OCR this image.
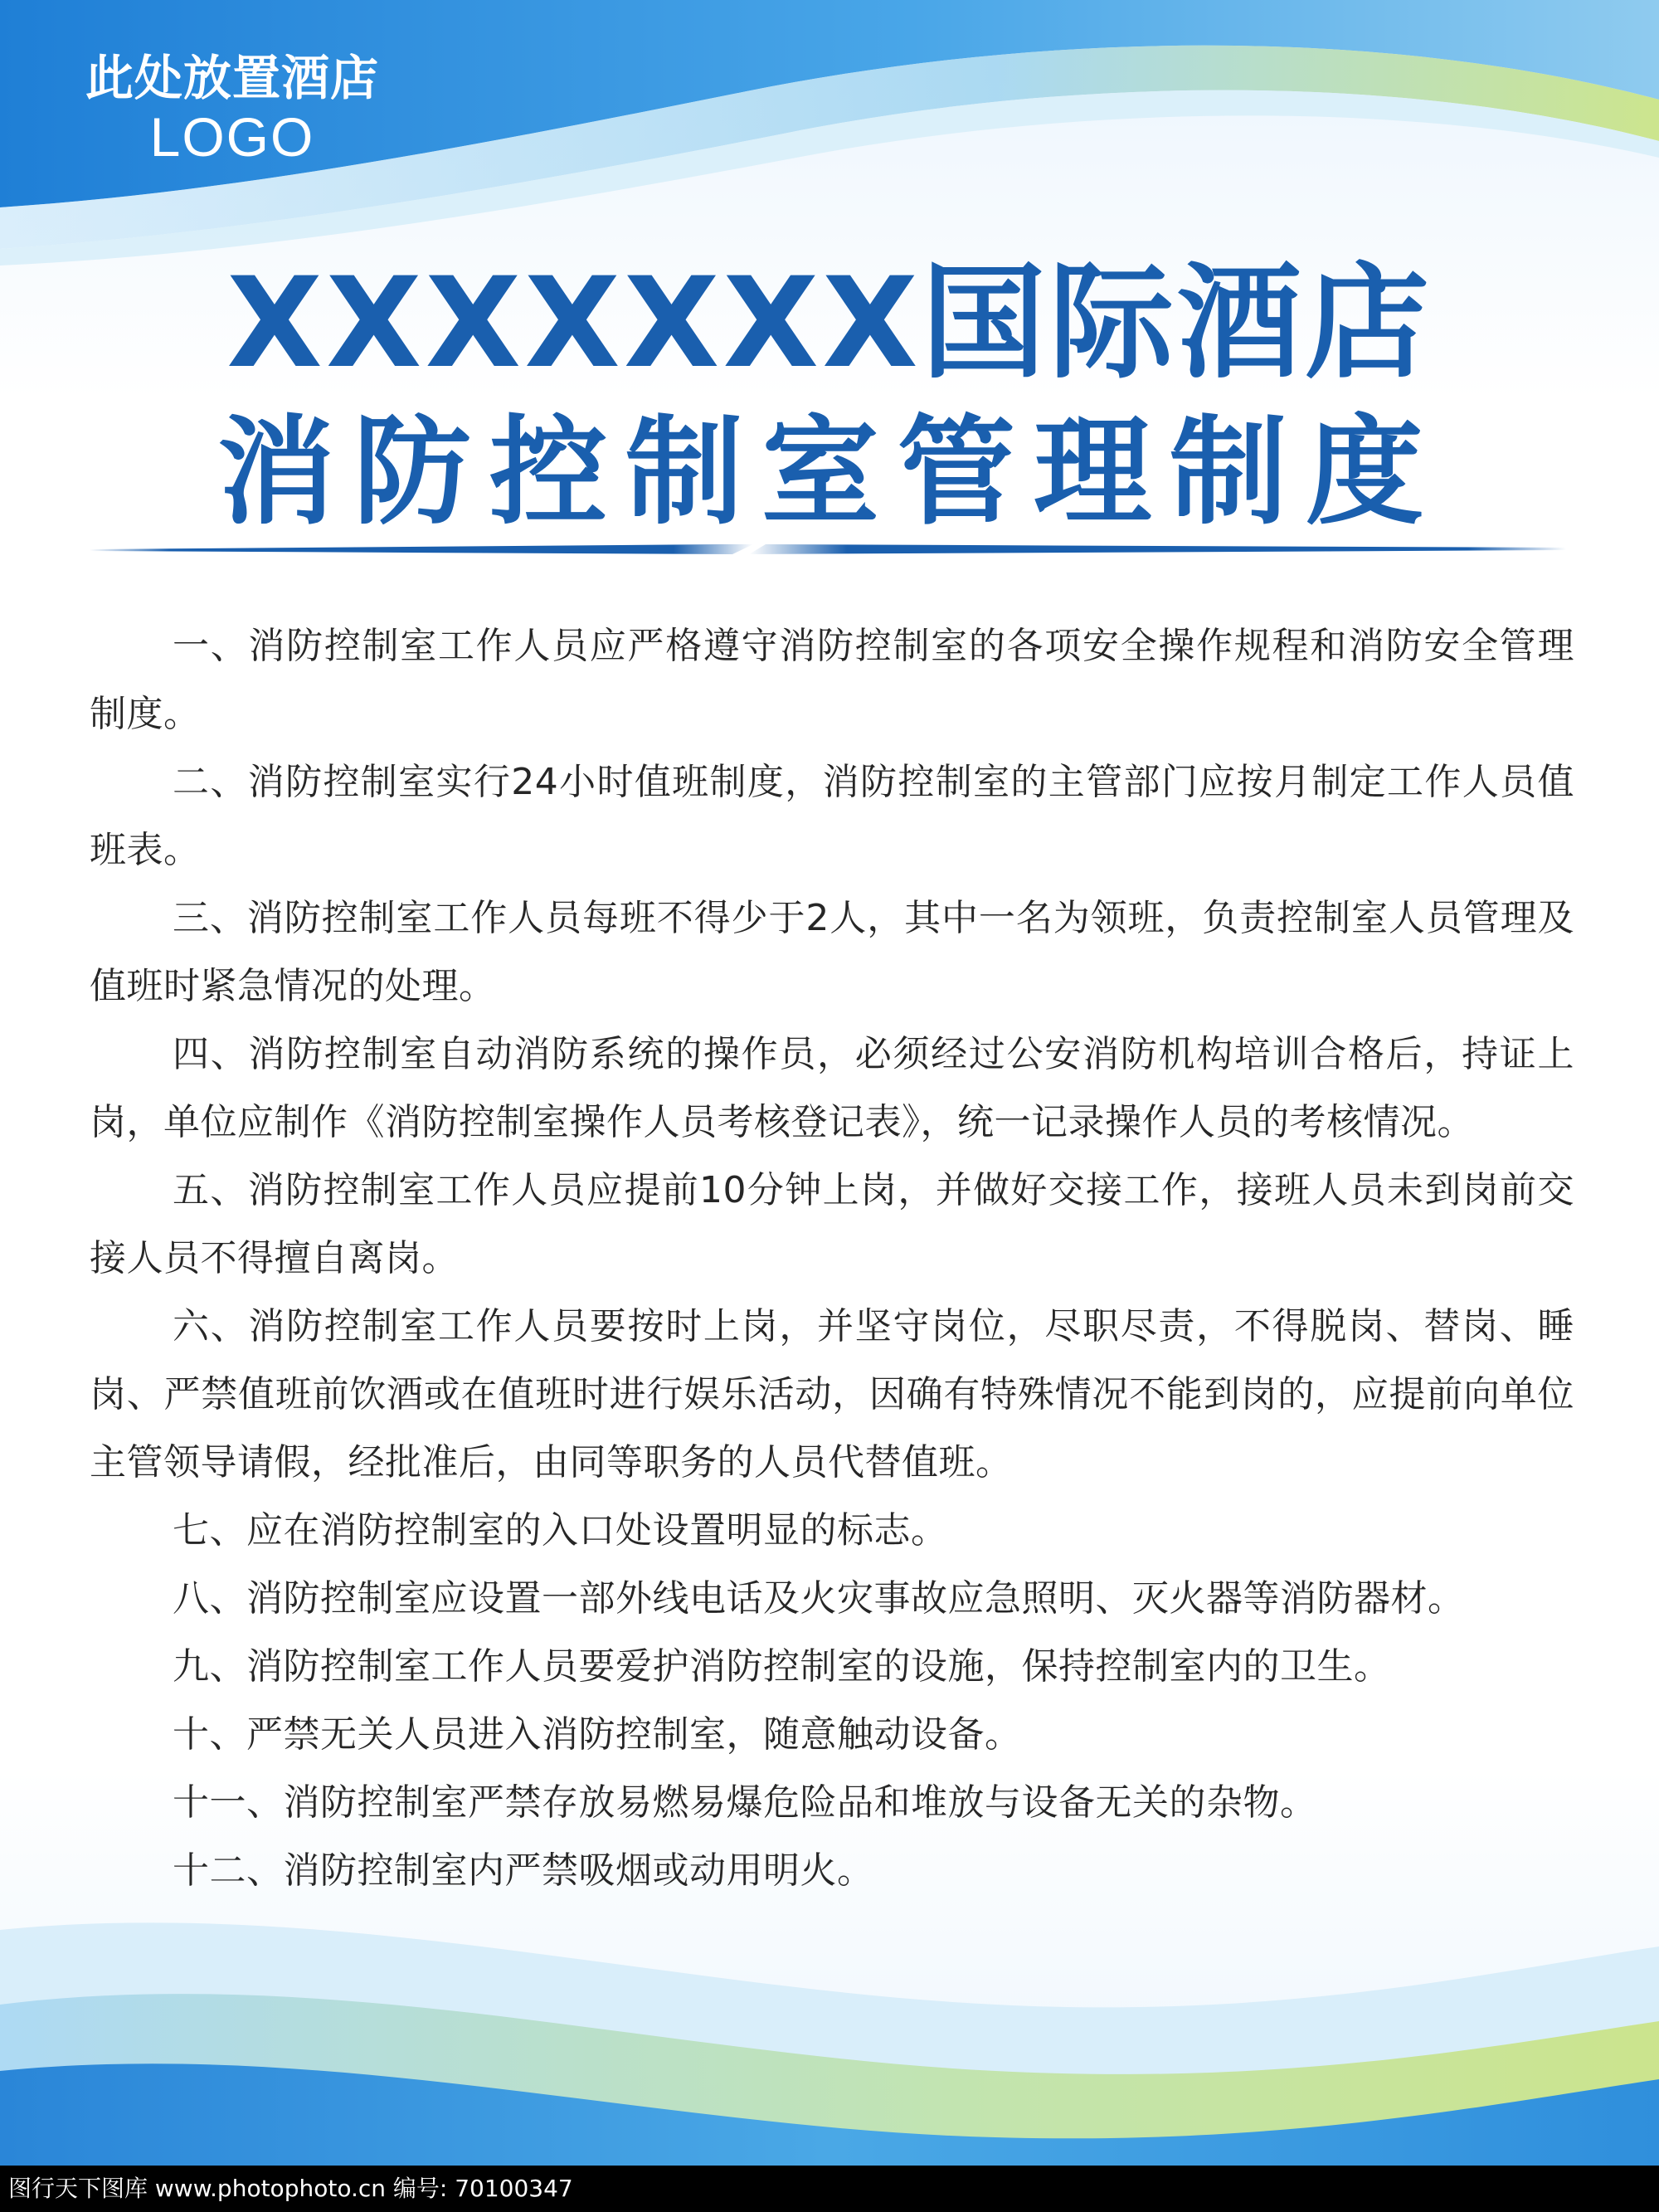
此处放置酒店
LOGO
XXXXXXX国际酒店
消防控制室管理制度

一、消防控制室工作人员应严格遵守消防控制室的各项安全操作规程和消防安全管理制度。

二、消防控制室实行24小时值班制度，消防控制室的主管部门应按月制定工作人员值班表。

三、消防控制室工作人员每班不得少于2人，其中一名为领班，负责控制室人员管理及值班时紧急情况的处理。

四、消防控制室自动消防系统的操作员，必须经过公安消防机构培训合格后，持证上岗，单位应制作《消防控制室操作人员考核登记表》，统一记录操作人员的考核情况。

五、消防控制室工作人员应提前10分钟上岗，并做好交接工作，接班人员未到岗前交接人员不得擅自离岗。

六、消防控制室工作人员要按时上岗，并坚守岗位，尽职尽责，不得脱岗、替岗、睡岗、严禁值班前饮酒或在值班时进行娱乐活动，因确有特殊情况不能到岗的，应提前向单位主管领导请假，经批准后，由同等职务的人员代替值班。

七、应在消防控制室的入口处设置明显的标志。

八、消防控制室应设置一部外线电话及火灾事故应急照明、灭火器等消防器材。

九、消防控制室工作人员要爱护消防控制室的设施，保持控制室内的卫生。

十、严禁无关人员进入消防控制室，随意触动设备。

十一、消防控制室严禁存放易燃易爆危险品和堆放与设备无关的杂物。

十二、消防控制室内严禁吸烟或动用明火。

图行天下图库 www.photophoto.cn 编号: 70100347
